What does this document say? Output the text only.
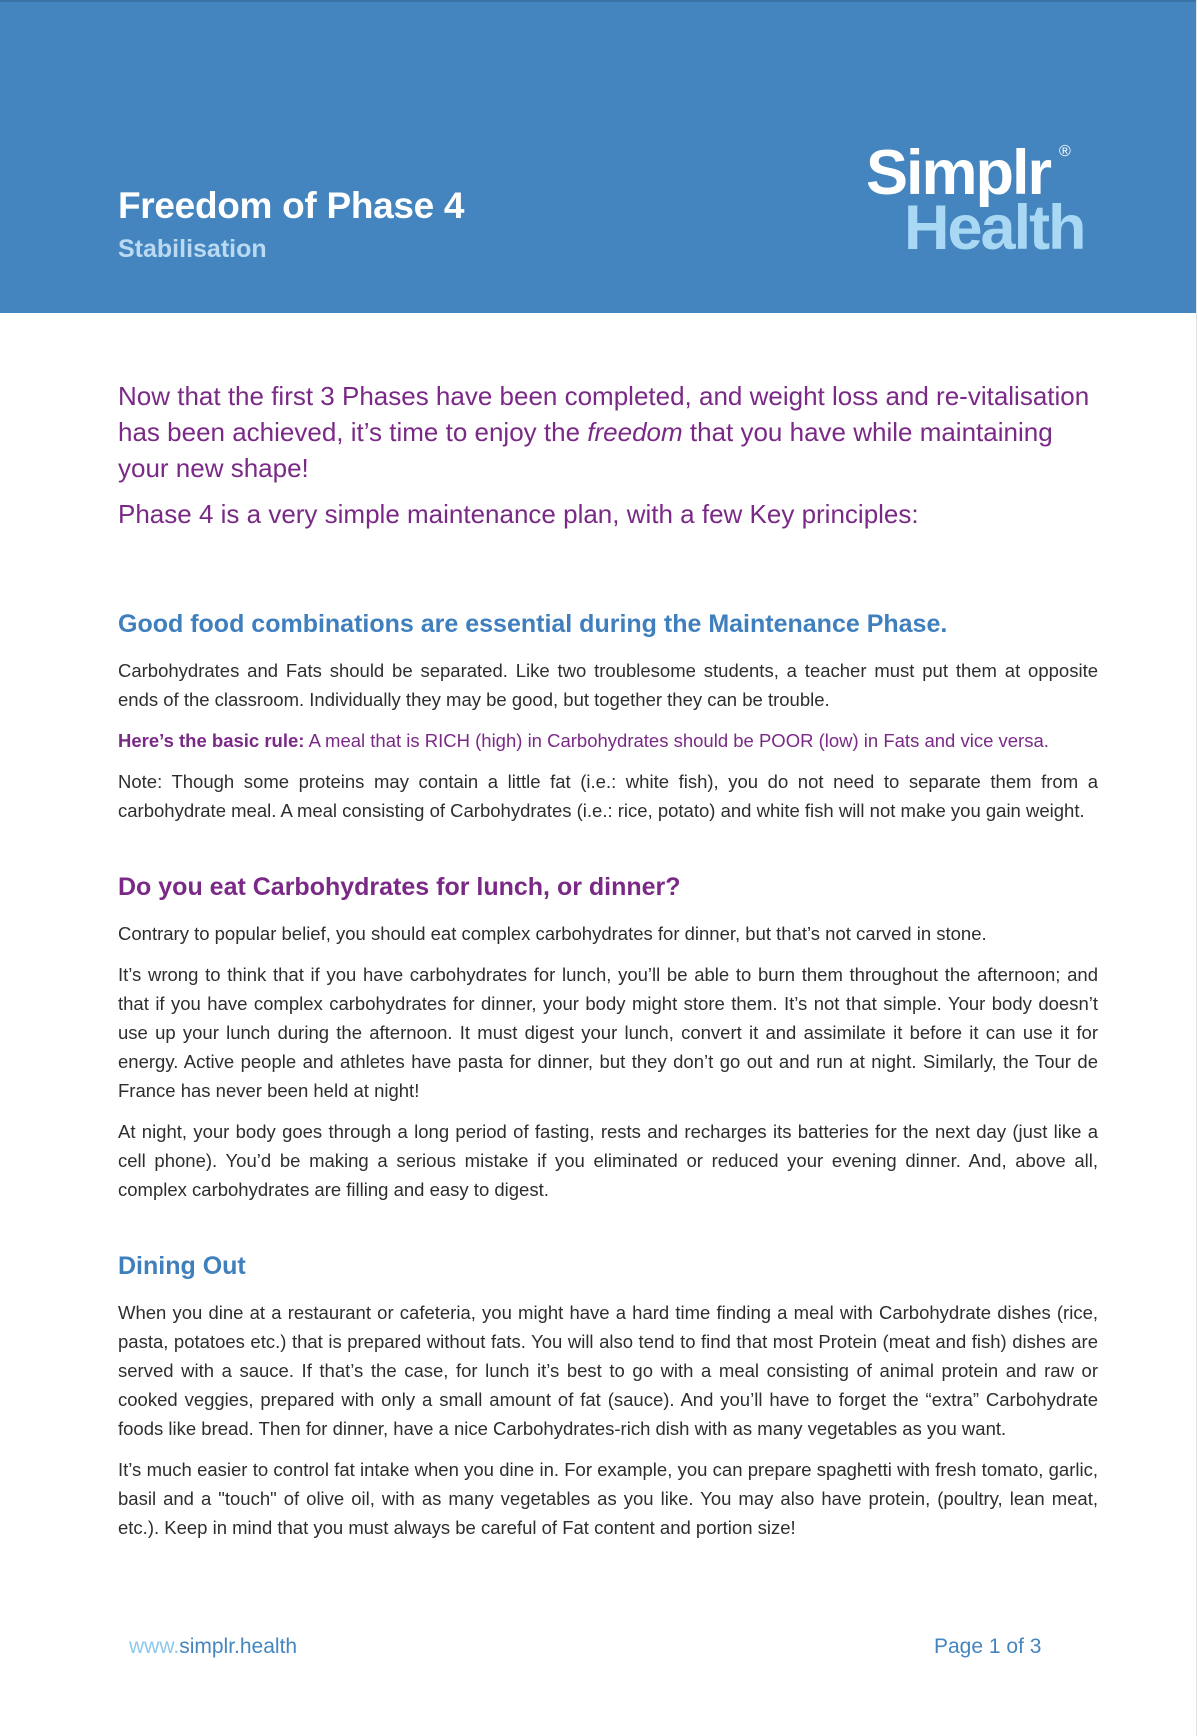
Freedom of Phase 4
Stabilisation
Simplr ®
Health

Now that the first 3 Phases have been completed, and weight loss and re-vitalisation has been achieved, it’s time to enjoy the freedom that you have while maintaining your new shape!

Phase 4 is a very simple maintenance plan, with a few Key principles:

Good food combinations are essential during the Maintenance Phase.

Carbohydrates and Fats should be separated. Like two troublesome students, a teacher must put them at opposite ends of the classroom. Individually they may be good, but together they can be trouble.

Here’s the basic rule: A meal that is RICH (high) in Carbohydrates should be POOR (low) in Fats and vice versa.

Note: Though some proteins may contain a little fat (i.e.: white fish), you do not need to separate them from a carbohydrate meal. A meal consisting of Carbohydrates (i.e.: rice, potato) and white fish will not make you gain weight.

Do you eat Carbohydrates for lunch, or dinner?

Contrary to popular belief, you should eat complex carbohydrates for dinner, but that’s not carved in stone.

It’s wrong to think that if you have carbohydrates for lunch, you’ll be able to burn them throughout the afternoon; and that if you have complex carbohydrates for dinner, your body might store them. It’s not that simple. Your body doesn’t use up your lunch during the afternoon. It must digest your lunch, convert it and assimilate it before it can use it for energy. Active people and athletes have pasta for dinner, but they don’t go out and run at night. Similarly, the Tour de France has never been held at night!

At night, your body goes through a long period of fasting, rests and recharges its batteries for the next day (just like a cell phone). You’d be making a serious mistake if you eliminated or reduced your evening dinner. And, above all, complex carbohydrates are filling and easy to digest.

Dining Out

When you dine at a restaurant or cafeteria, you might have a hard time finding a meal with Carbohydrate dishes (rice, pasta, potatoes etc.) that is prepared without fats. You will also tend to find that most Protein (meat and fish) dishes are served with a sauce. If that’s the case, for lunch it’s best to go with a meal consisting of animal protein and raw or cooked veggies, prepared with only a small amount of fat (sauce). And you’ll have to forget the “extra” Carbohydrate foods like bread. Then for dinner, have a nice Carbohydrates-rich dish with as many vegetables as you want.

It’s much easier to control fat intake when you dine in. For example, you can prepare spaghetti with fresh tomato, garlic, basil and a "touch" of olive oil, with as many vegetables as you like. You may also have protein, (poultry, lean meat, etc.). Keep in mind that you must always be careful of Fat content and portion size!

www.simplr.health	Page 1 of 3
